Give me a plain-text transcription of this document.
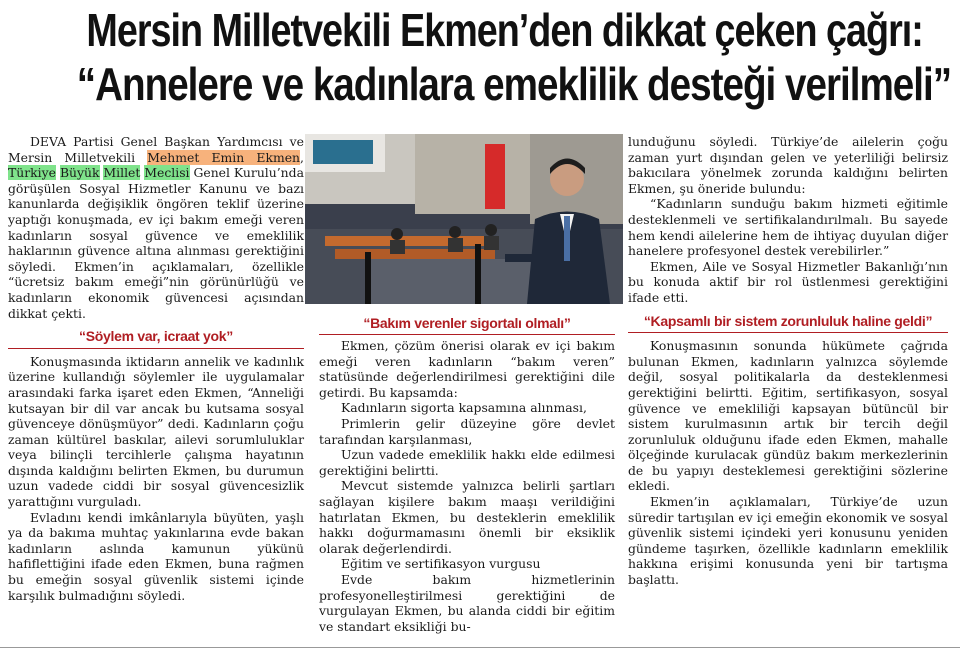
Mersin Milletvekili Ekmen’den dikkat çeken çağrı:
“Annelere ve kadınlara emeklilik desteği verilmeli”

DEVA Partisi Genel Başkan Yardımcısı ve Mersin Milletvekili Mehmet Emin Ekmen, Türkiye Büyük Millet Meclisi Genel Kurulu’nda görüşülen Sosyal Hizmetler Kanunu ve bazı kanunlarda değişiklik öngören teklif üzerine yaptığı konuşmada, ev içi bakım emeği veren kadınların sosyal güvence ve emeklilik haklarının güvence altına alınması gerektiğini söyledi. Ekmen’in açıklamaları, özellikle “ücretsiz bakım emeği”nin görünürlüğü ve kadınların ekonomik güvencesi açısından dikkat çekti.

“Söylem var, icraat yok”

Konuşmasında iktidarın annelik ve kadınlık üzerine kullandığı söylemler ile uygulamalar arasındaki farka işaret eden Ekmen, “Anneliği kutsayan bir dil var ancak bu kutsama sosyal güvenceye dönüşmüyor” dedi. Kadınların çoğu zaman kültürel baskılar, ailevi sorumluluklar veya bilinçli tercihlerle çalışma hayatının dışında kaldığını belirten Ekmen, bu durumun uzun vadede ciddi bir sosyal güvencesizlik yarattığını vurguladı.

Evladını kendi imkânlarıyla büyüten, yaşlı ya da bakıma muhtaç yakınlarına evde bakan kadınların aslında kamunun yükünü hafiflettiğini ifade eden Ekmen, buna rağmen bu emeğin sosyal güvenlik sistemi içinde karşılık bulmadığını söyledi.

“Bakım verenler sigortalı olmalı”

Ekmen, çözüm önerisi olarak ev içi bakım emeği veren kadınların “bakım veren” statüsünde değerlendirilmesi gerektiğini dile getirdi. Bu kapsamda:

Kadınların sigorta kapsamına alınması,

Primlerin gelir düzeyine göre devlet tarafından karşılanması,

Uzun vadede emeklilik hakkı elde edilmesi gerektiğini belirtti.

Mevcut sistemde yalnızca belirli şartları sağlayan kişilere bakım maaşı verildiğini hatırlatan Ekmen, bu desteklerin emeklilik hakkı doğurmamasını önemli bir eksiklik olarak değerlendirdi.

Eğitim ve sertifikasyon vurgusu

Evde bakım hizmetlerinin profesyonelleştirilmesi gerektiğini de vurgulayan Ekmen, bu alanda ciddi bir eğitim ve standart eksikliği bu-

lunduğunu söyledi. Türkiye’de ailelerin çoğu zaman yurt dışından gelen ve yeterliliği belirsiz bakıcılara yönelmek zorunda kaldığını belirten Ekmen, şu öneride bulundu:

“Kadınların sunduğu bakım hizmeti eğitimle desteklenmeli ve sertifikalandırılmalı. Bu sayede hem kendi ailelerine hem de ihtiyaç duyulan diğer hanelere profesyonel destek verebilirler.”

Ekmen, Aile ve Sosyal Hizmetler Bakanlığı’nın bu konuda aktif bir rol üstlenmesi gerektiğini ifade etti.

“Kapsamlı bir sistem zorunluluk haline geldi”

Konuşmasının sonunda hükümete çağrıda bulunan Ekmen, kadınların yalnızca söylemde değil, sosyal politikalarla da desteklenmesi gerektiğini belirtti. Eğitim, sertifikasyon, sosyal güvence ve emekliliği kapsayan bütüncül bir sistem kurulmasının artık bir tercih değil zorunluluk olduğunu ifade eden Ekmen, mahalle ölçeğinde kurulacak gündüz bakım merkezlerinin de bu yapıyı desteklemesi gerektiğini sözlerine ekledi.

Ekmen’in açıklamaları, Türkiye’de uzun süredir tartışılan ev içi emeğin ekonomik ve sosyal güvenlik sistemi içindeki yeri konusunu yeniden gündeme taşırken, özellikle kadınların emeklilik hakkına erişimi konusunda yeni bir tartışma başlattı.
